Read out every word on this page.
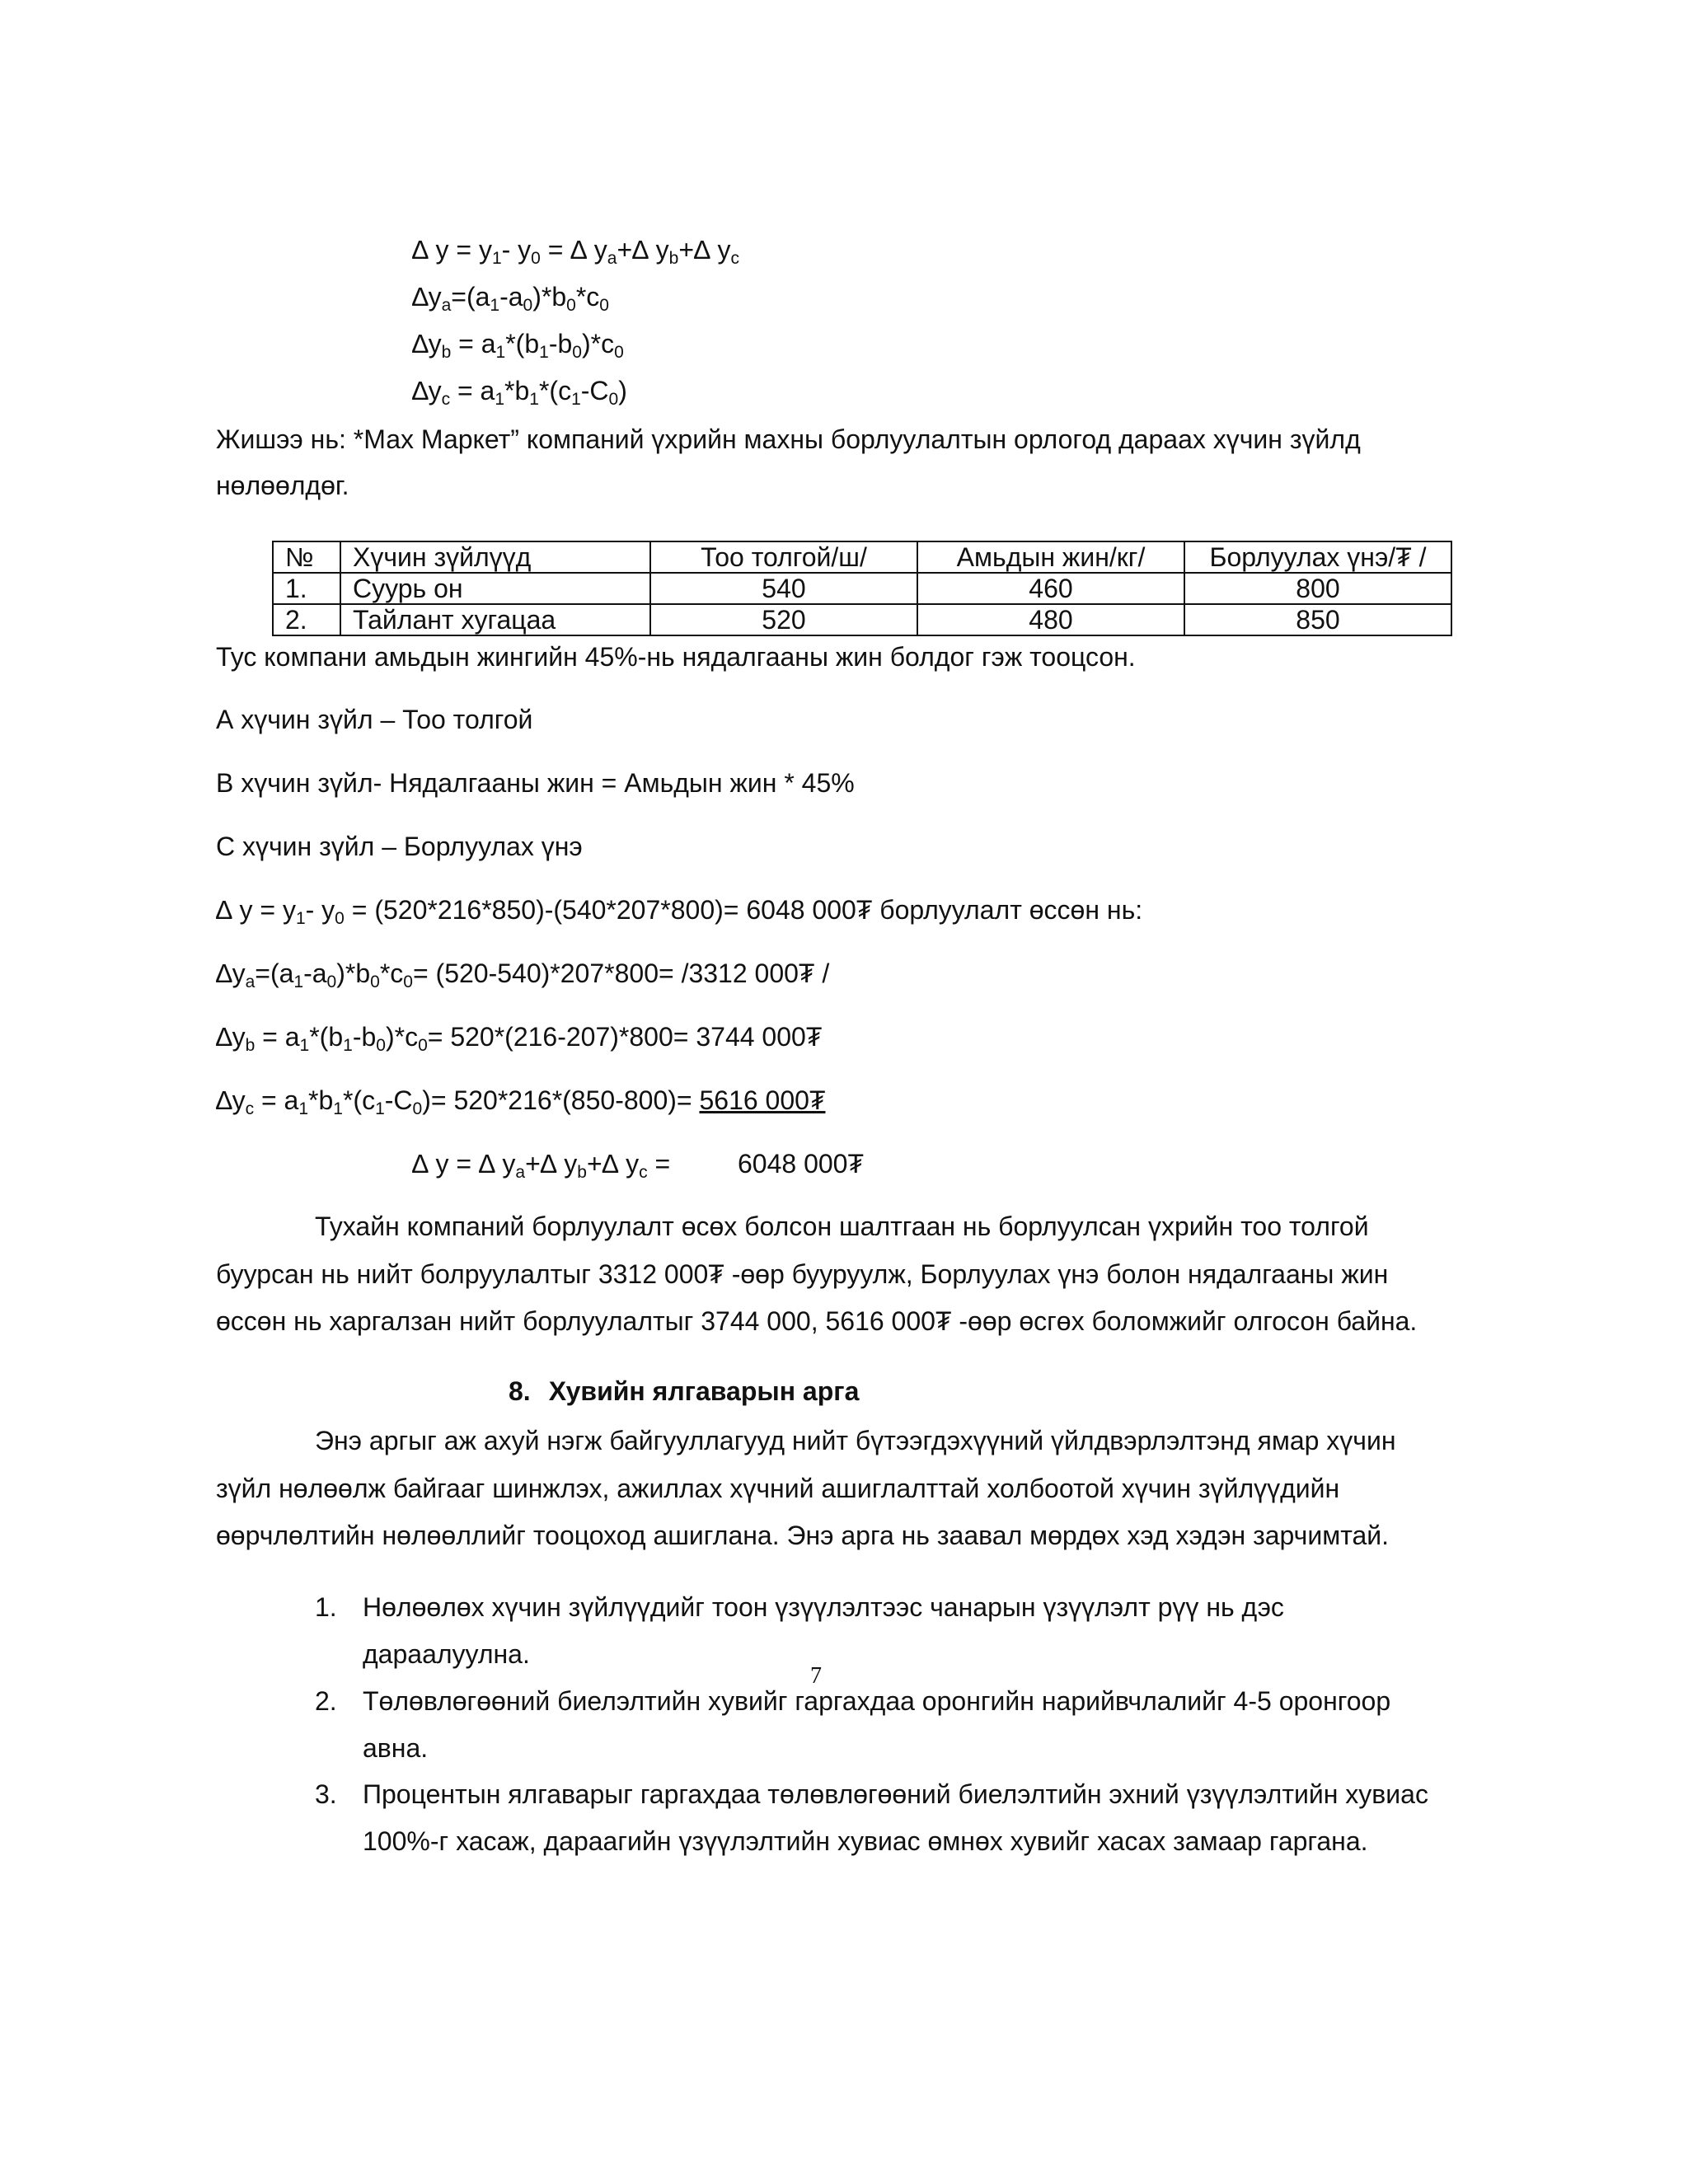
∆ $y = y_1-$ $y_0$ = ∆ $y_a+\Delta$ $y_b+\Delta$ $y_c$
$\Delta y_a=(a_1-a_0)*b_0*c_0$
$\Delta y_b = a_1*(b_1-b_0)*c_0$
$\Delta y_c = a_1*b_1*(c_1-C_0)$
Жишээ нь: *Мах Маркет” компаний үхрийн махны борлуулалтын орлогод дараах хүчин зүйлд
нөлөөлдөг.
№	Хүчин зүйлүүд	Тоо толгой/ш/	Амьдын жин/кг/	Борлуулах үнэ/₮ /
1.	Суурь он	540	460	800
2.	Тайлант хугацаа	520	480	850
Тус компани амьдын жингийн 45%-нь нядалгааны жин болдог гэж тооцсон.
А хүчин зүйл – Тоо толгой
В хүчин зүйл- Нядалгааны жин = Амьдын жин * 45%
С хүчин зүйл – Борлуулах үнэ
∆ $y = y_1-$ $y_0 = (520*216*850)-(540*207*800)= 6048$ 000₮ борлуулалт өссөн нь:
$\Delta y_a=(a_1-a_0)*b_0*c_0= (520-540)*207*800= /3312$ 000₮ /
$\Delta y_b = a_1*(b_1-b_0)*c_0= 520*(216-207)*800= 3744$ 000₮
$\Delta y_c = a_1*b_1*(c_1-C_0)= 520*216*(850-800)= 5616$ 000₮
∆ y = ∆ $y_a+\Delta$ $y_b+\Delta$ $y_c$ =	6048 000₮
Тухайн компаний борлуулалт өсөх болсон шалтгаан нь борлуулсан үхрийн тоо толгой
буурсан нь нийт болруулалтыг 3312 000₮ -өөр бууруулж, Борлуулах үнэ болон нядалгааны жин
өссөн нь харгалзан нийт борлуулалтыг 3744 000, 5616 000₮ -өөр өсгөх боломжийг олгосон байна.
8. Хувийн ялгаварын арга
Энэ аргыг аж ахуй нэгж байгууллагууд нийт бүтээгдэхүүний үйлдвэрлэлтэнд ямар хүчин
зүйл нөлөөлж байгааг шинжлэх, ажиллах хүчний ашиглалттай холбоотой хүчин зүйлүүдийн
өөрчлөлтийн нөлөөллийг тооцоход ашиглана. Энэ арга нь заавал мөрдөх хэд хэдэн зарчимтай.
1. Нөлөөлөх хүчин зүйлүүдийг тоон үзүүлэлтээс чанарын үзүүлэлт рүү нь дэс
дараалуулна.
2. Төлөвлөгөөний биелэлтийн хувийг гаргахдаа оронгийн нарийвчлалийг 4-5 оронгоор
авна.
3. Процентын ялгаварыг гаргахдаа төлөвлөгөөний биелэлтийн эхний үзүүлэлтийн хувиас
100%-г хасаж, дараагийн үзүүлэлтийн хувиас өмнөх хувийг хасах замаар гаргана.
7
